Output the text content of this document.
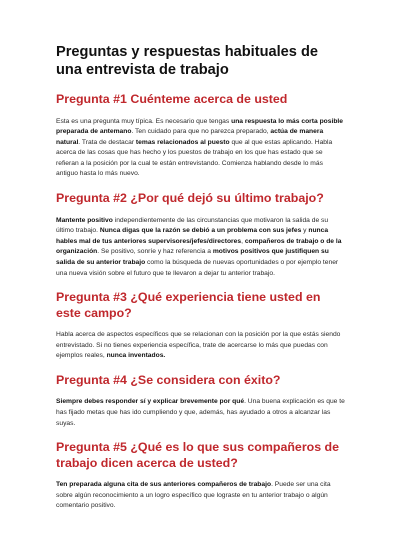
Preguntas y respuestas habituales de una entrevista de trabajo
Pregunta #1 Cuénteme acerca de usted

Esta es una pregunta muy típica. Es necesario que tengas una respuesta lo más corta posible preparada de antemano. Ten cuidado para que no parezca preparado, actúa de manera natural. Trata de destacar temas relacionados al puesto que al que estas aplicando. Habla acerca de las cosas que has hecho y los puestos de trabajo en los que has estado que se refieran a la posición por la cual te están entrevistando. Comienza hablando desde lo más antiguo hasta lo más nuevo.

Pregunta #2 ¿Por qué dejó su último trabajo?

Mantente positivo independientemente de las circunstancias que motivaron la salida de su último trabajo. Nunca digas que la razón se debió a un problema con sus jefes y nunca hables mal de tus anteriores supervisores/jefes/directores, compañeros de trabajo o de la organización. Se positivo, sonríe y haz referencia a motivos positivos que justifiquen su salida de su anterior trabajo como la búsqueda de nuevas oportunidades o por ejemplo tener una nueva visión sobre el futuro que te llevaron a dejar tu anterior trabajo.

Pregunta #3 ¿Qué experiencia tiene usted en este campo?

Habla acerca de aspectos específicos que se relacionan con la posición por la que estás siendo entrevistado. Si no tienes experiencia específica, trate de acercarse lo más que puedas con ejemplos reales, nunca inventados.

Pregunta #4 ¿Se considera con éxito?

Siempre debes responder sí y explicar brevemente por qué. Una buena explicación es que te has fijado metas que has ido cumpliendo y que, además, has ayudado a otros a alcanzar las suyas.

Pregunta #5 ¿Qué es lo que sus compañeros de trabajo dicen acerca de usted?

Ten preparada alguna cita de sus anteriores compañeros de trabajo. Puede ser una cita sobre algún reconocimiento a un logro específico que lograste en tu anterior trabajo o algún comentario positivo.
